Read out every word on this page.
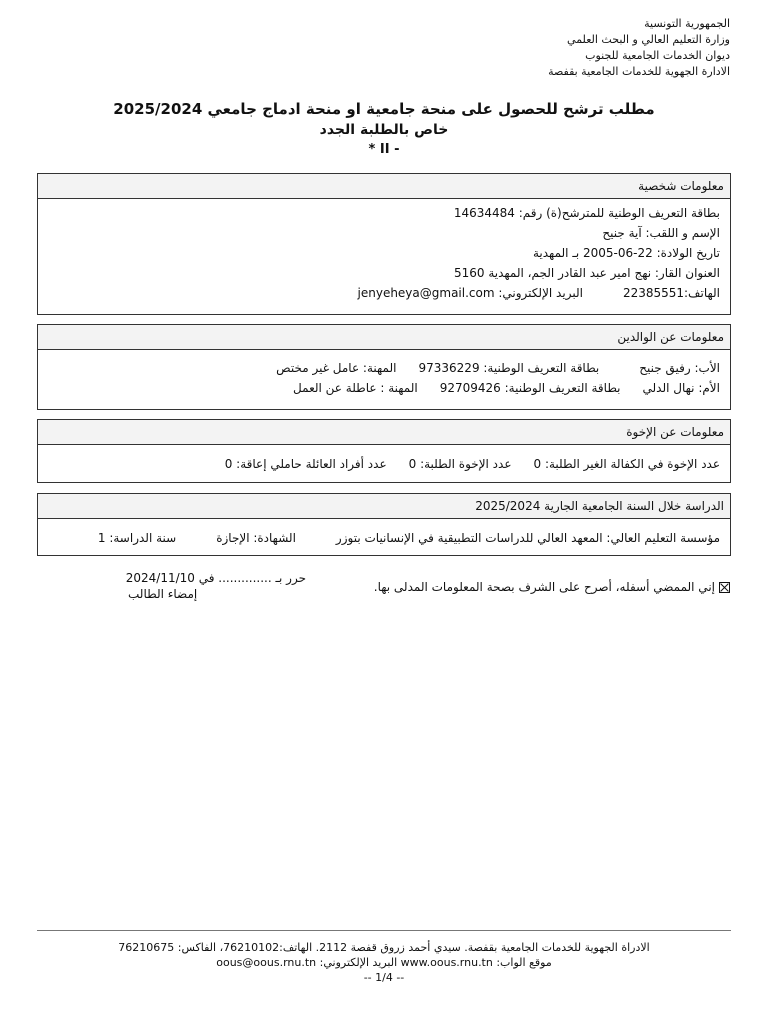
الجمهورية التونسية
وزارة التعليم العالي و البحث العلمي
ديوان الخدمات الجامعية للجنوب
الادارة الجهوية للخدمات الجامعية بقفصة
مطلب ترشح للحصول على منحة جامعية او منحة ادماج جامعي 2025/2024
خاص بالطلبة الجدد
- II *
معلومات شخصية
بطاقة التعريف الوطنية للمترشح(ة) رقم: 14634484
الإسم و اللقب: آية جنيح
تاريخ الولادة: 22-06-2005 بـ المهدية
العنوان القار: نهج امير عبد القادر الجم، المهدية 5160
الهاتف:22385551البريد الإلكتروني: jenyeheya@gmail.com
معلومات عن الوالدين
الأب: رفيق جنيحبطاقة التعريف الوطنية: 97336229المهنة: عامل غير مختص
الأم: نهال الدليبطاقة التعريف الوطنية: 92709426المهنة : عاطلة عن العمل
معلومات عن الإخوة
عدد الإخوة في الكفالة الغير الطلبة: 0عدد الإخوة الطلبة: 0عدد أفراد العائلة حاملي إعاقة: 0
الدراسة خلال السنة الجامعية الجارية 2025/2024
مؤسسة التعليم العالي: المعهد العالي للدراسات التطبيقية في الإنسانيات بتوزرالشهادة: الإجازةسنة الدراسة: 1
إني الممضي أسفله، أصرح على الشرف بصحة المعلومات المدلى بها.
حرر بـ .............. في 2024/11/10
إمضاء الطالب
الادراة الجهوية للخدمات الجامعية بقفصة. سيدي أحمد زروق قفصة 2112. الهاتف:76210102، الفاكس: 76210675
موقع الواب: www.oous.rnu.tn البريد الإلكتروني: oous@oous.rnu.tn
-- 1/4 --
